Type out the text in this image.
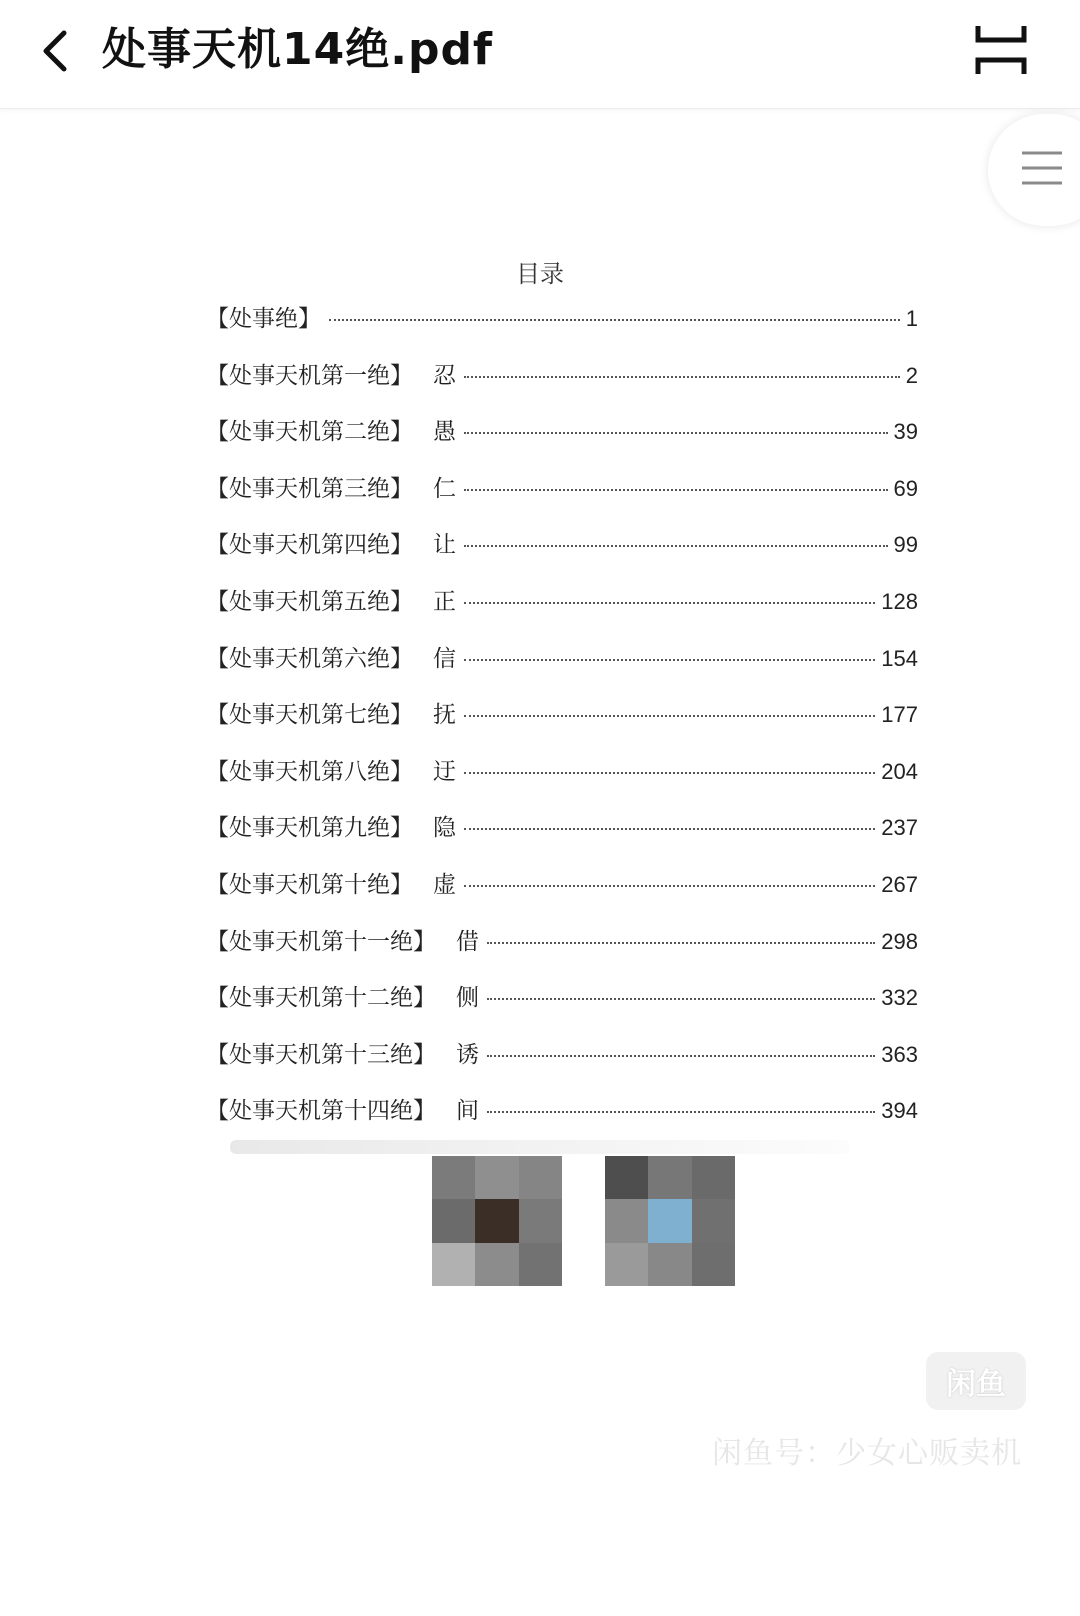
处事天机14绝.pdf
目录
【处事绝】	1
【处事天机第一绝】 忍	2
【处事天机第二绝】 愚	39
【处事天机第三绝】 仁	69
【处事天机第四绝】 让	99
【处事天机第五绝】 正	128
【处事天机第六绝】 信	154
【处事天机第七绝】 抚	177
【处事天机第八绝】 迂	204
【处事天机第九绝】 隐	237
【处事天机第十绝】 虚	267
【处事天机第十一绝】 借	298
【处事天机第十二绝】 侧	332
【处事天机第十三绝】 诱	363
【处事天机第十四绝】 间	394
闲鱼
闲鱼号：少女心贩卖机
